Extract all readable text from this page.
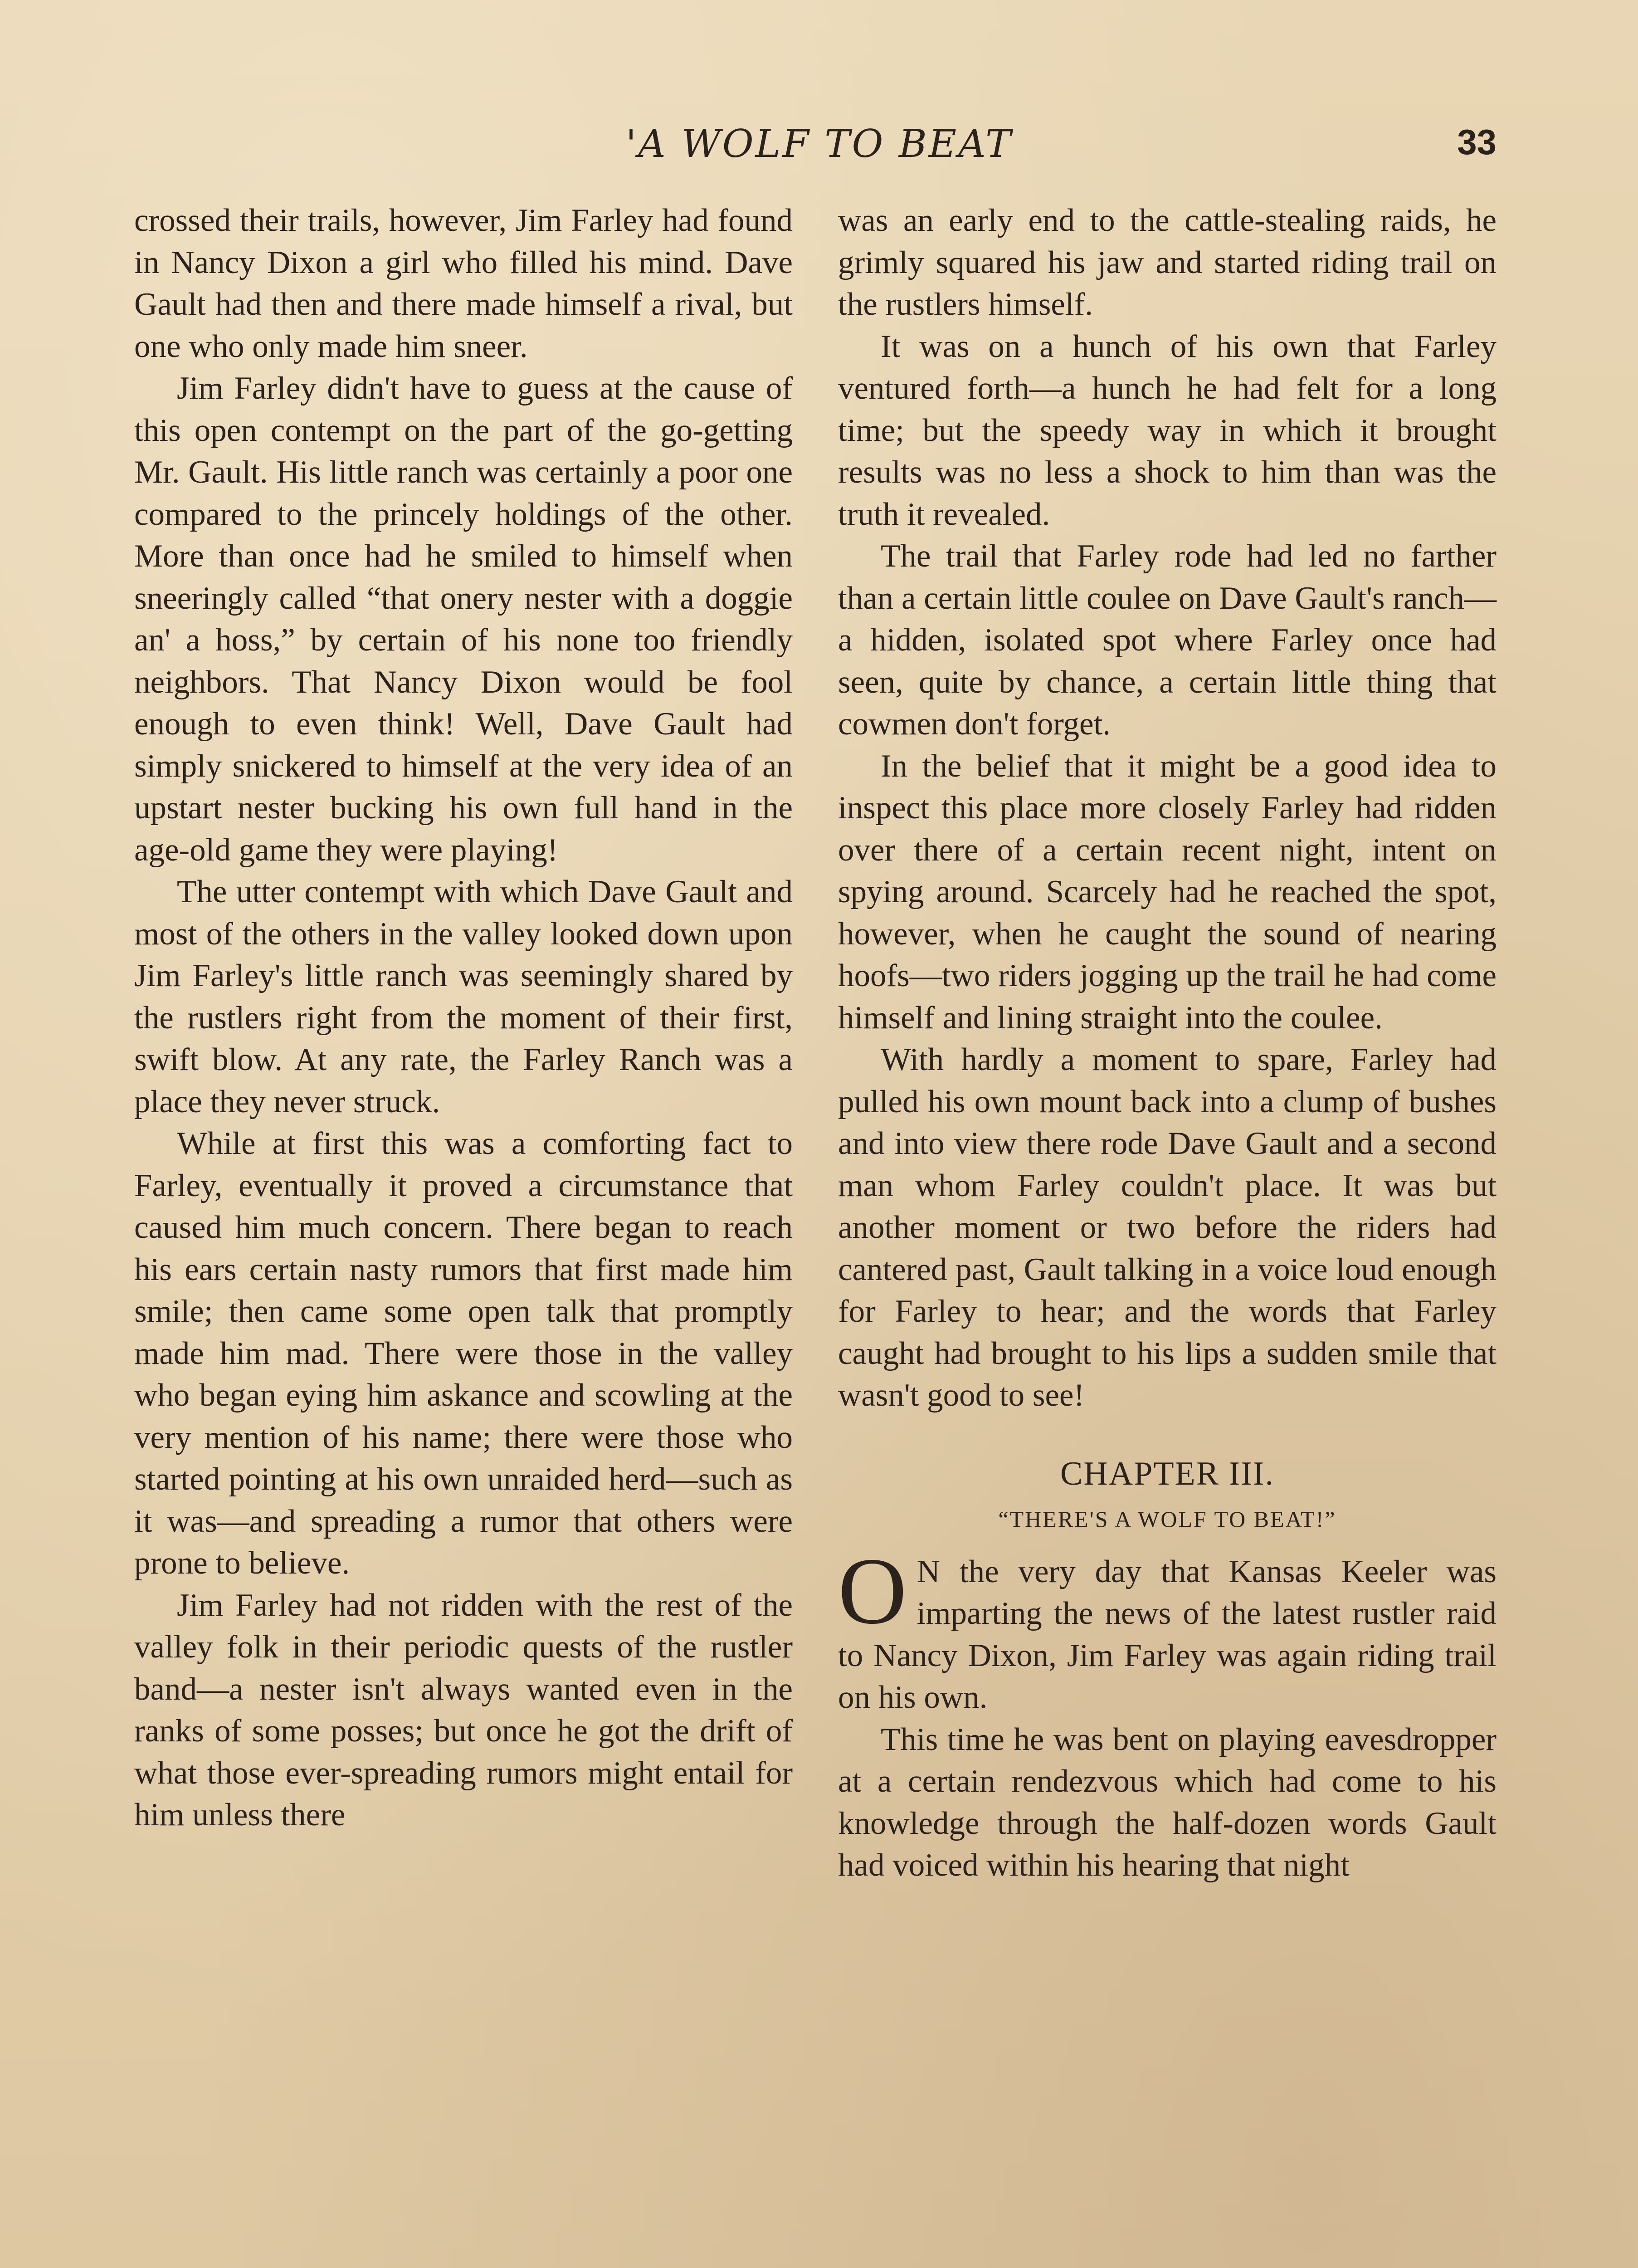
'A WOLF TO BEAT	33

crossed their trails, however, Jim Farley had found in Nancy Dixon a girl who filled his mind. Dave Gault had then and there made himself a rival, but one who only made him sneer.

Jim Farley didn't have to guess at the cause of this open contempt on the part of the go-getting Mr. Gault. His little ranch was certainly a poor one compared to the princely holdings of the other. More than once had he smiled to himself when sneeringly called “that onery nester with a doggie an' a hoss,” by certain of his none too friendly neighbors. That Nancy Dixon would be fool enough to even think! Well, Dave Gault had simply snickered to himself at the very idea of an upstart nester bucking his own full hand in the age-old game they were playing!

The utter contempt with which Dave Gault and most of the others in the valley looked down upon Jim Farley's little ranch was seemingly shared by the rustlers right from the moment of their first, swift blow. At any rate, the Farley Ranch was a place they never struck.

While at first this was a comforting fact to Farley, eventually it proved a circumstance that caused him much concern. There began to reach his ears certain nasty rumors that first made him smile; then came some open talk that promptly made him mad. There were those in the valley who began eying him askance and scowling at the very mention of his name; there were those who started pointing at his own unraided herd—such as it was—and spreading a rumor that others were prone to believe.

Jim Farley had not ridden with the rest of the valley folk in their periodic quests of the rustler band—a nester isn't always wanted even in the ranks of some posses; but once he got the drift of what those ever-spreading rumors might entail for him unless there

was an early end to the cattle-stealing raids, he grimly squared his jaw and started riding trail on the rustlers himself.

It was on a hunch of his own that Farley ventured forth—a hunch he had felt for a long time; but the speedy way in which it brought results was no less a shock to him than was the truth it revealed.

The trail that Farley rode had led no farther than a certain little coulee on Dave Gault's ranch—a hidden, isolated spot where Farley once had seen, quite by chance, a certain little thing that cowmen don't forget.

In the belief that it might be a good idea to inspect this place more closely Farley had ridden over there of a certain recent night, intent on spying around. Scarcely had he reached the spot, however, when he caught the sound of nearing hoofs—two riders jogging up the trail he had come himself and lining straight into the coulee.

With hardly a moment to spare, Farley had pulled his own mount back into a clump of bushes and into view there rode Dave Gault and a second man whom Farley couldn't place. It was but another moment or two before the riders had cantered past, Gault talking in a voice loud enough for Farley to hear; and the words that Farley caught had brought to his lips a sudden smile that wasn't good to see!

CHAPTER III.
“THERE'S A WOLF TO BEAT!”

O N the very day that Kansas Keeler was imparting the news of the latest rustler raid to Nancy Dixon, Jim Farley was again riding trail on his own.

This time he was bent on playing eavesdropper at a certain rendezvous which had come to his knowledge through the half-dozen words Gault had voiced within his hearing that night
